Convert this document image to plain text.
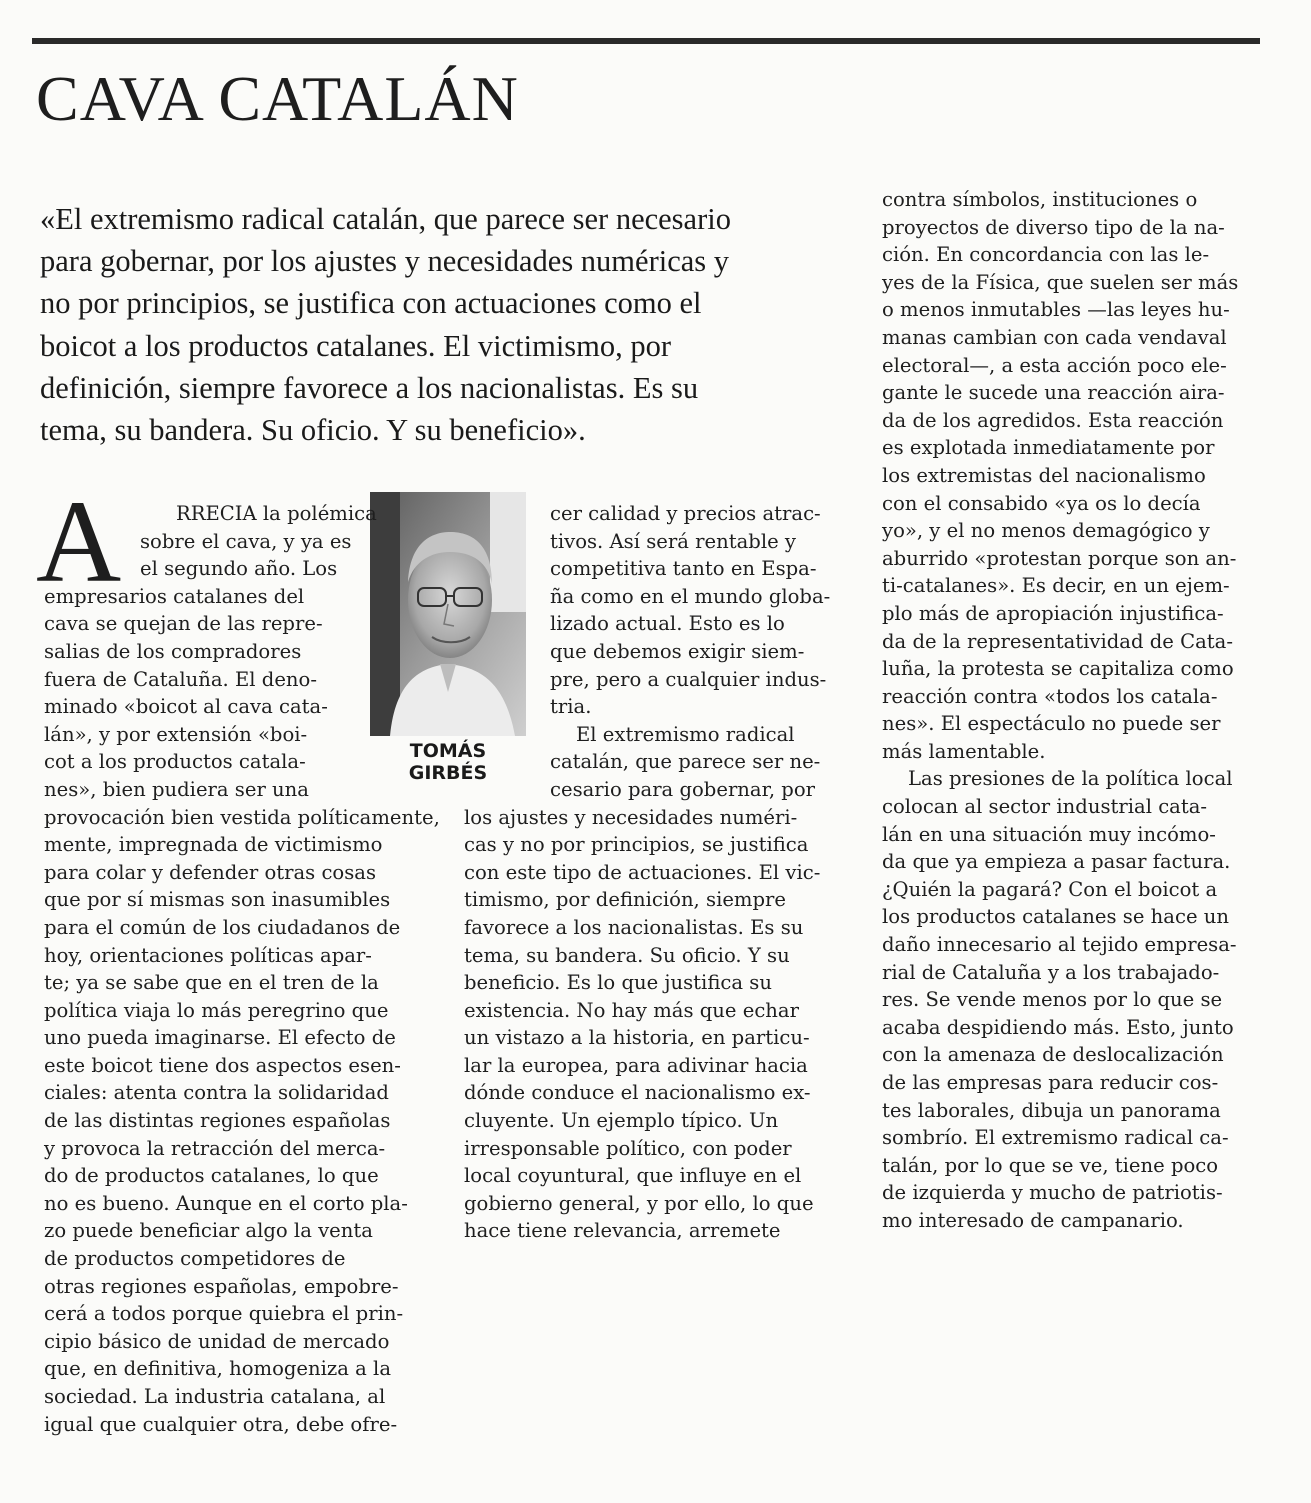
CAVA CATALÁN
«El extremismo radical catalán, que parece ser necesario
para gobernar, por los ajustes y necesidades numéricas y
no por principios, se justifica con actuaciones como el
boicot a los productos catalanes. El victimismo, por
definición, siempre favorece a los nacionalistas. Es su
tema, su bandera. Su oficio. Y su beneficio».
A
TOMÁS
GIRBÉS
RRECIA la polémica
sobre el cava, y ya es
el segundo año. Los
empresarios catalanes del
cava se quejan de las repre-
salias de los compradores
fuera de Cataluña. El deno-
minado «boicot al cava cata-
lán», y por extensión «boi-
cot a los productos catala-
nes», bien pudiera ser una
provocación bien vestida políticamente,
mente, impregnada de victimismo
para colar y defender otras cosas
que por sí mismas son inasumibles
para el común de los ciudadanos de
hoy, orientaciones políticas apar-
te; ya se sabe que en el tren de la
política viaja lo más peregrino que
uno pueda imaginarse. El efecto de
este boicot tiene dos aspectos esen-
ciales: atenta contra la solidaridad
de las distintas regiones españolas
y provoca la retracción del merca-
do de productos catalanes, lo que
no es bueno. Aunque en el corto pla-
zo puede beneficiar algo la venta
de productos competidores de
otras regiones españolas, empobre-
cerá a todos porque quiebra el prin-
cipio básico de unidad de mercado
que, en definitiva, homogeniza a la
sociedad. La industria catalana, al
igual que cualquier otra, debe ofre-
cer calidad y precios atrac-
tivos. Así será rentable y
competitiva tanto en Espa-
ña como en el mundo globa-
lizado actual. Esto es lo
que debemos exigir siem-
pre, pero a cualquier indus-
tria.
El extremismo radical
catalán, que parece ser ne-
cesario para gobernar, por
los ajustes y necesidades numéri-
cas y no por principios, se justifica
con este tipo de actuaciones. El vic-
timismo, por definición, siempre
favorece a los nacionalistas. Es su
tema, su bandera. Su oficio. Y su
beneficio. Es lo que justifica su
existencia. No hay más que echar
un vistazo a la historia, en particu-
lar la europea, para adivinar hacia
dónde conduce el nacionalismo ex-
cluyente. Un ejemplo típico. Un
irresponsable político, con poder
local coyuntural, que influye en el
gobierno general, y por ello, lo que
hace tiene relevancia, arremete
contra símbolos, instituciones o
proyectos de diverso tipo de la na-
ción. En concordancia con las le-
yes de la Física, que suelen ser más
o menos inmutables —las leyes hu-
manas cambian con cada vendaval
electoral—, a esta acción poco ele-
gante le sucede una reacción aira-
da de los agredidos. Esta reacción
es explotada inmediatamente por
los extremistas del nacionalismo
con el consabido «ya os lo decía
yo», y el no menos demagógico y
aburrido «protestan porque son an-
ti-catalanes». Es decir, en un ejem-
plo más de apropiación injustifica-
da de la representatividad de Cata-
luña, la protesta se capitaliza como
reacción contra «todos los catala-
nes». El espectáculo no puede ser
más lamentable.
Las presiones de la política local
colocan al sector industrial cata-
lán en una situación muy incómo-
da que ya empieza a pasar factura.
¿Quién la pagará? Con el boicot a
los productos catalanes se hace un
daño innecesario al tejido empresa-
rial de Cataluña y a los trabajado-
res. Se vende menos por lo que se
acaba despidiendo más. Esto, junto
con la amenaza de deslocalización
de las empresas para reducir cos-
tes laborales, dibuja un panorama
sombrío. El extremismo radical ca-
talán, por lo que se ve, tiene poco
de izquierda y mucho de patriotis-
mo interesado de campanario.
